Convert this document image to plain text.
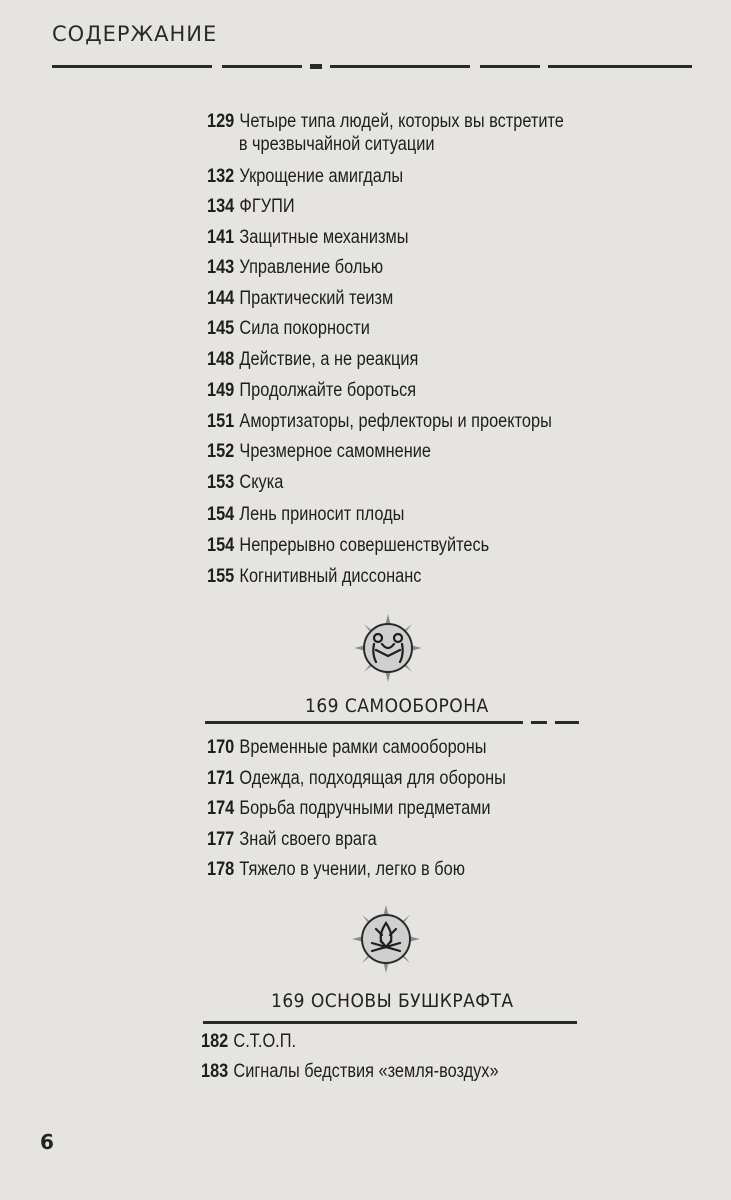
СОДЕРЖАНИЕ
129 Четыре типа людей, которых вы встретите
в чрезвычайной ситуации
132 Укрощение амигдалы
134 ФГУПИ
141 Защитные механизмы
143 Управление болью
144 Практический теизм
145 Сила покорности
148 Действие, а не реакция
149 Продолжайте бороться
151 Амортизаторы, рефлекторы и проекторы
152 Чрезмерное самомнение
153 Скука
154 Лень приносит плоды
154 Непрерывно совершенствуйтесь
155 Когнитивный диссонанс
169 САМООБОРОНА
170 Временные рамки самообороны
171 Одежда, подходящая для обороны
174 Борьба подручными предметами
177 Знай своего врага
178 Тяжело в учении, легко в бою
169 ОСНОВЫ БУШКРАФТА
182 С.Т.О.П.
183 Сигналы бедствия «земля-воздух»
6
